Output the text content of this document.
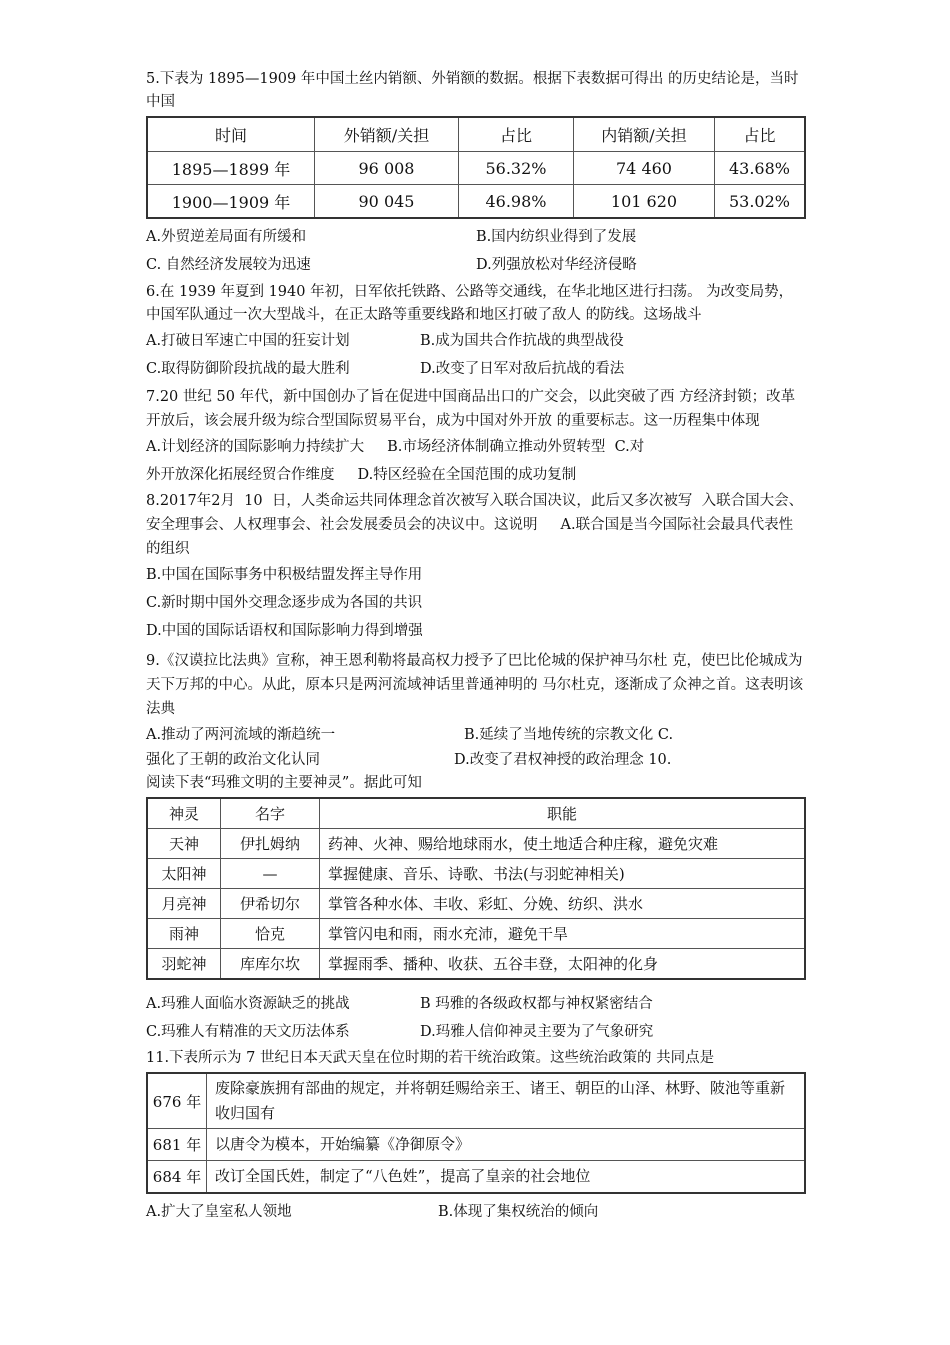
5.下表为 1895—1909 年中国土丝内销额、外销额的数据。根据下表数据可得出 的历史结论是，当时中国

时间	外销额/关担	占比	内销额/关担	占比
1895—1899 年	96 008	56.32%	74 460	43.68%
1900—1909 年	90 045	46.98%	101 620	53.02%
A.外贸逆差局面有所缓和	B.国内纺织业得到了发展
C. 自然经济发展较为迅速	D.列强放松对华经济侵略

6.在 1939 年夏到 1940 年初，日军依托铁路、公路等交通线，在华北地区进行扫荡。 为改变局势，中国军队通过一次大型战斗，在正太路等重要线路和地区打破了敌人 的防线。这场战斗

A.打破日军速亡中国的狂妄计划	B.成为国共合作抗战的典型战役
C.取得防御阶段抗战的最大胜利	D.改变了日军对敌后抗战的看法

7.20 世纪 50 年代，新中国创办了旨在促进中国商品出口的广交会，以此突破了西 方经济封锁；改革开放后，该会展升级为综合型国际贸易平台，成为中国对外开放 的重要标志。这一历程集中体现

A.计划经济的国际影响力持续扩大     B.市场经济体制确立推动外贸转型  C.对
外开放深化拓展经贸合作维度     D.特区经验在全国范围的成功复制

8.2017年2月  10  日，人类命运共同体理念首次被写入联合国决议，此后又多次被写  入联合国大会、安全理事会、人权理事会、社会发展委员会的决议中。这说明     A.联合国是当今国际社会最具代表性的组织

B.中国在国际事务中积极结盟发挥主导作用
C.新时期中国外交理念逐步成为各国的共识
D.中国的国际话语权和国际影响力得到增强

9.《汉谟拉比法典》宣称，神王恩利勒将最高权力授予了巴比伦城的保护神马尔杜 克，使巴比伦城成为天下万邦的中心。从此，原本只是两河流域神话里普通神明的 马尔杜克，逐渐成了众神之首。这表明该法典

A.推动了两河流域的渐趋统一	B.延续了当地传统的宗教文化 C.
强化了王朝的政治文化认同	D.改变了君权神授的政治理念 10.
阅读下表“玛雅文明的主要神灵”。据此可知
神灵	名字	职能
天神	伊扎姆纳	药神、火神、赐给地球雨水，使土地适合种庄稼，避免灾难
太阳神	—	掌握健康、音乐、诗歌、书法(与羽蛇神相关)
月亮神	伊希切尔	掌管各种水体、丰收、彩虹、分娩、纺织、洪水
雨神	恰克	掌管闪电和雨，雨水充沛，避免干旱
羽蛇神	库库尔坎	掌握雨季、播种、收获、五谷丰登，太阳神的化身
A.玛雅人面临水资源缺乏的挑战	B 玛雅的各级政权都与神权紧密结合
C.玛雅人有精准的天文历法体系	D.玛雅人信仰神灵主要为了气象研究

11.下表所示为 7 世纪日本天武天皇在位时期的若干统治政策。这些统治政策的 共同点是

676 年	废除豪族拥有部曲的规定，并将朝廷赐给亲王、诸王、朝臣的山泽、林野、陂池等重新收归国有
681 年	以唐令为模本，开始编纂《净御原令》
684 年	改订全国氏姓，制定了“八色姓”，提高了皇亲的社会地位
A.扩大了皇室私人领地	B.体现了集权统治的倾向
